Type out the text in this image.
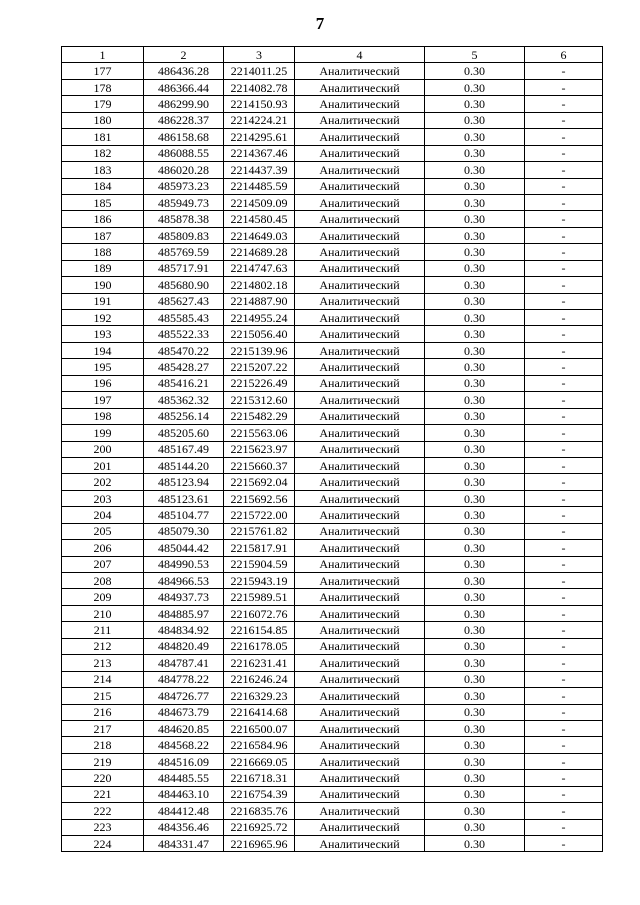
7
1	2	3	4	5	6
177	486436.28	2214011.25	Аналитический	0.30	-
178	486366.44	2214082.78	Аналитический	0.30	-
179	486299.90	2214150.93	Аналитический	0.30	-
180	486228.37	2214224.21	Аналитический	0.30	-
181	486158.68	2214295.61	Аналитический	0.30	-
182	486088.55	2214367.46	Аналитический	0.30	-
183	486020.28	2214437.39	Аналитический	0.30	-
184	485973.23	2214485.59	Аналитический	0.30	-
185	485949.73	2214509.09	Аналитический	0.30	-
186	485878.38	2214580.45	Аналитический	0.30	-
187	485809.83	2214649.03	Аналитический	0.30	-
188	485769.59	2214689.28	Аналитический	0.30	-
189	485717.91	2214747.63	Аналитический	0.30	-
190	485680.90	2214802.18	Аналитический	0.30	-
191	485627.43	2214887.90	Аналитический	0.30	-
192	485585.43	2214955.24	Аналитический	0.30	-
193	485522.33	2215056.40	Аналитический	0.30	-
194	485470.22	2215139.96	Аналитический	0.30	-
195	485428.27	2215207.22	Аналитический	0.30	-
196	485416.21	2215226.49	Аналитический	0.30	-
197	485362.32	2215312.60	Аналитический	0.30	-
198	485256.14	2215482.29	Аналитический	0.30	-
199	485205.60	2215563.06	Аналитический	0.30	-
200	485167.49	2215623.97	Аналитический	0.30	-
201	485144.20	2215660.37	Аналитический	0.30	-
202	485123.94	2215692.04	Аналитический	0.30	-
203	485123.61	2215692.56	Аналитический	0.30	-
204	485104.77	2215722.00	Аналитический	0.30	-
205	485079.30	2215761.82	Аналитический	0.30	-
206	485044.42	2215817.91	Аналитический	0.30	-
207	484990.53	2215904.59	Аналитический	0.30	-
208	484966.53	2215943.19	Аналитический	0.30	-
209	484937.73	2215989.51	Аналитический	0.30	-
210	484885.97	2216072.76	Аналитический	0.30	-
211	484834.92	2216154.85	Аналитический	0.30	-
212	484820.49	2216178.05	Аналитический	0.30	-
213	484787.41	2216231.41	Аналитический	0.30	-
214	484778.22	2216246.24	Аналитический	0.30	-
215	484726.77	2216329.23	Аналитический	0.30	-
216	484673.79	2216414.68	Аналитический	0.30	-
217	484620.85	2216500.07	Аналитический	0.30	-
218	484568.22	2216584.96	Аналитический	0.30	-
219	484516.09	2216669.05	Аналитический	0.30	-
220	484485.55	2216718.31	Аналитический	0.30	-
221	484463.10	2216754.39	Аналитический	0.30	-
222	484412.48	2216835.76	Аналитический	0.30	-
223	484356.46	2216925.72	Аналитический	0.30	-
224	484331.47	2216965.96	Аналитический	0.30	-
